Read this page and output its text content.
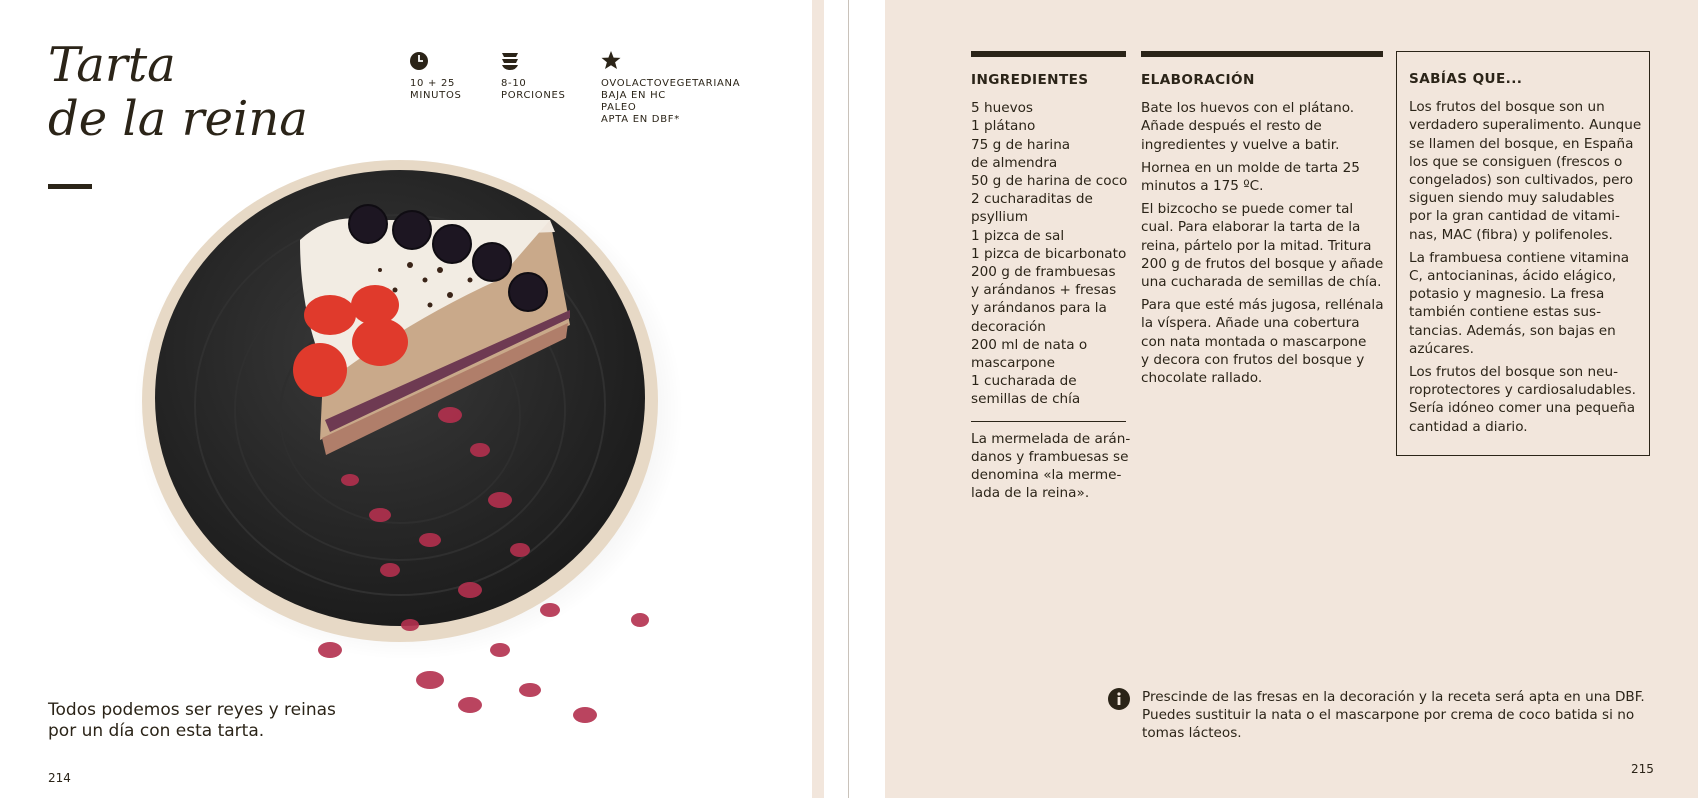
Tarta
de la reina
10 + 25
MINUTOS
8-10
PORCIONES
OVOLACTOVEGETARIANA
BAJA EN HC
PALEO
APTA EN DBF*
Todos podemos ser reyes y reinas
por un día con esta tarta.
214
INGREDIENTES
5 huevos
1 plátano
75 g de harina
de almendra
50 g de harina de coco
2 cucharaditas de
psyllium
1 pizca de sal
1 pizca de bicarbonato
200 g de frambuesas
y arándanos + fresas
y arándanos para la
decoración
200 ml de nata o
mascarpone
1 cucharada de
semillas de chía
La mermelada de arán-
danos y frambuesas se
denomina «la merme-
lada de la reina».
ELABORACIÓN
Bate los huevos con el plátano.
Añade después el resto de
ingredientes y vuelve a batir.
Hornea en un molde de tarta 25
minutos a 175 ºC.
El bizcocho se puede comer tal
cual. Para elaborar la tarta de la
reina, pártelo por la mitad. Tritura
200 g de frutos del bosque y añade
una cucharada de semillas de chía.
Para que esté más jugosa, rellénala
la víspera. Añade una cobertura
con nata montada o mascarpone
y decora con frutos del bosque y
chocolate rallado.
SABÍAS QUE...
Los frutos del bosque son un
verdadero superalimento. Aunque
se llamen del bosque, en España
los que se consiguen (frescos o
congelados) son cultivados, pero
siguen siendo muy saludables
por la gran cantidad de vitami-
nas, MAC (fibra) y polifenoles.
La frambuesa contiene vitamina
C, antocianinas, ácido elágico,
potasio y magnesio. La fresa
también contiene estas sus-
tancias. Además, son bajas en
azúcares.
Los frutos del bosque son neu-
roprotectores y cardiosaludables.
Sería idóneo comer una pequeña
cantidad a diario.
Prescinde de las fresas en la decoración y la receta será apta en una DBF.
Puedes sustituir la nata o el mascarpone por crema de coco batida si no
tomas lácteos.
215
